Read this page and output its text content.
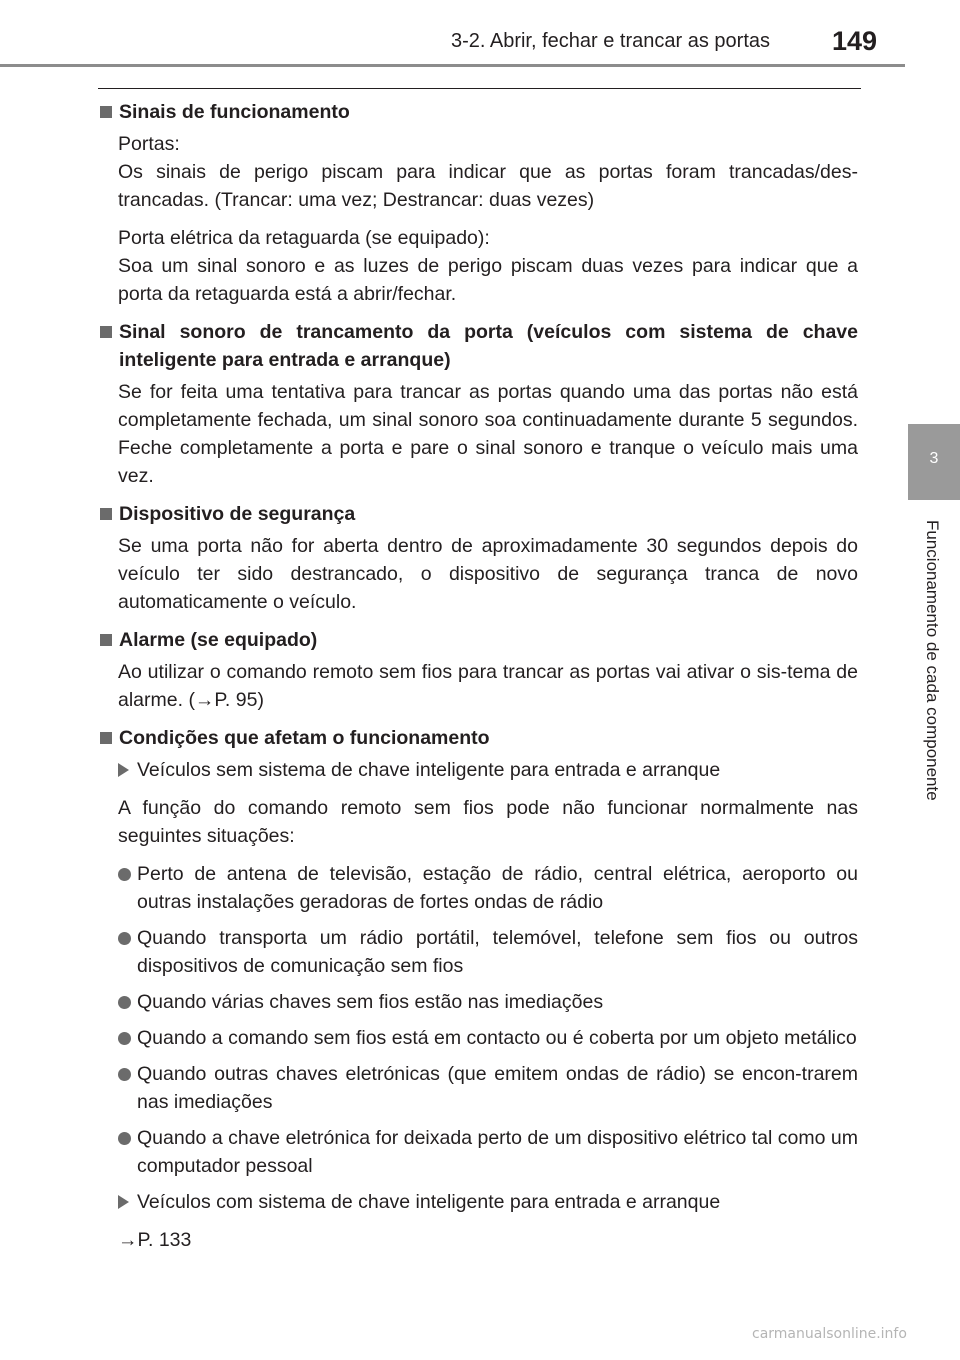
3-2. Abrir, fechar e trancar as portas 149
3
Funcionamento de cada componente
Sinais de funcionamento
Portas:
Os sinais de perigo piscam para indicar que as portas foram trancadas/des-trancadas. (Trancar: uma vez; Destrancar: duas vezes)
Porta elétrica da retaguarda (se equipado):
Soa um sinal sonoro e as luzes de perigo piscam duas vezes para indicar que a porta da retaguarda está a abrir/fechar.
Sinal sonoro de trancamento da porta (veículos com sistema de chave inteligente para entrada e arranque)
Se for feita uma tentativa para trancar as portas quando uma das portas não está completamente fechada, um sinal sonoro soa continuadamente durante 5 segundos. Feche completamente a porta e pare o sinal sonoro e tranque o veículo mais uma vez.
Dispositivo de segurança
Se uma porta não for aberta dentro de aproximadamente 30 segundos depois do veículo ter sido destrancado, o dispositivo de segurança tranca de novo automaticamente o veículo.
Alarme (se equipado)
Ao utilizar o comando remoto sem fios para trancar as portas vai ativar o sis-tema de alarme. (→P. 95)
Condições que afetam o funcionamento
Veículos sem sistema de chave inteligente para entrada e arranque
A função do comando remoto sem fios pode não funcionar normalmente nas seguintes situações:
Perto de antena de televisão, estação de rádio, central elétrica, aeroporto ou outras instalações geradoras de fortes ondas de rádio
Quando transporta um rádio portátil, telemóvel, telefone sem fios ou outros dispositivos de comunicação sem fios
Quando várias chaves sem fios estão nas imediações
Quando a comando sem fios está em contacto ou é coberta por um objeto metálico
Quando outras chaves eletrónicas (que emitem ondas de rádio) se encon-trarem nas imediações
Quando a chave eletrónica for deixada perto de um dispositivo elétrico tal como um computador pessoal
Veículos com sistema de chave inteligente para entrada e arranque
→P. 133
carmanualsonline.info
